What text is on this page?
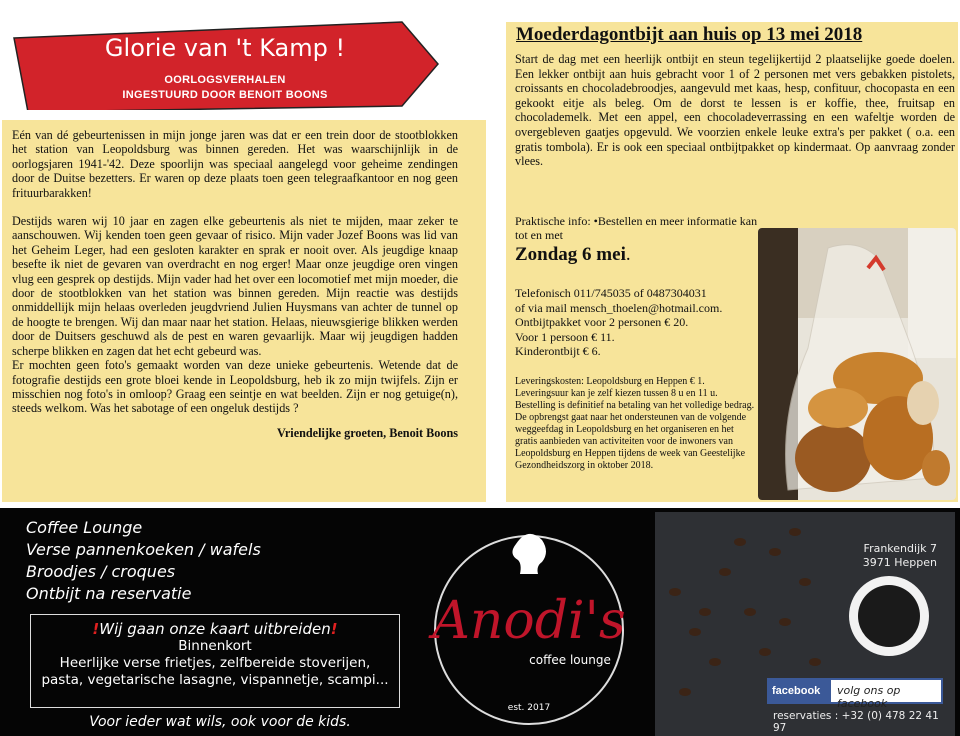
Glorie van 't Kamp !
OORLOGSVERHALEN
INGESTUURD DOOR BENOIT BOONS

Eén van dé gebeurtenissen in mijn jonge jaren was dat er een trein door de stootblokken het station van Leopoldsburg was binnen gereden. Het was waarschijnlijk in de oorlogsjaren 1941-'42. Deze spoorlijn was speciaal aangelegd voor geheime zendingen door de Duitse bezetters. Er waren op deze plaats toen geen telegraafkantoor en nog geen frituurbarakken!

Destijds waren wij 10 jaar en zagen elke gebeurtenis als niet te mijden, maar zeker te aanschouwen. Wij kenden toen geen gevaar of risico. Mijn vader Jozef Boons was lid van het Geheim Leger, had een gesloten karakter en sprak er nooit over. Als jeugdige knaap besefte ik niet de gevaren van overdracht en nog erger! Maar onze jeugdige oren vingen vlug een gesprek op destijds. Mijn vader had het over een locomotief met mijn moeder, die door de stootblokken van het station was binnen gereden. Mijn reactie was destijds onmiddellijk mijn helaas overleden jeugdvriend Julien Huysmans van achter de tunnel op de hoogte te brengen. Wij dan maar naar het station. Helaas, nieuwsgierige blikken werden door de Duitsers geschuwd als de pest en waren gevaarlijk. Maar wij jeugdigen hadden scherpe blikken en zagen dat het echt gebeurd was.

Er mochten geen foto's gemaakt worden van deze unieke gebeurtenis. Wetende dat de fotografie destijds een grote bloei kende in Leopoldsburg, heb ik zo mijn twijfels. Zijn er misschien nog foto's in omloop? Graag een seintje en wat beelden. Zijn er nog getuige(n), steeds welkom. Was het sabotage of een ongeluk destijds ?

Vriendelijke groeten, Benoit Boons
Moederdagontbijt aan huis op 13 mei 2018
Start de dag met een heerlijk ontbijt en steun tegelijkertijd 2 plaatselijke goede doelen. Een lekker ontbijt aan huis gebracht voor 1 of 2 personen met vers gebakken pistolets, croissants en chocoladebroodjes, aangevuld met kaas, hesp, confituur, chocopasta en een gekookt eitje als beleg. Om de dorst te lessen is er koffie, thee, fruitsap en chocolademelk. Met een appel, een chocoladeverrassing en een wafeltje worden de overgebleven gaatjes opgevuld. We voorzien enkele leuke extra's per pakket ( o.a. een gratis tombola). Er is ook een speciaal ontbijtpakket op kindermaat. Op aanvraag zonder vlees.
Praktische info: •Bestellen en meer informatie kan tot en met
Zondag 6 mei.
Telefonisch 011/745035 of 0487304031
of via mail mensch_thoelen@hotmail.com.
Ontbijtpakket voor 2 personen € 20.
Voor 1 persoon € 11.
Kinderontbijt € 6.
Leveringskosten: Leopoldsburg en Heppen € 1.
Leveringsuur kan je zelf kiezen tussen 8 u en 11 u.
Bestelling is definitief na betaling van het volledige bedrag. De opbrengst gaat naar het ondersteunen van de volgende weggeefdag in Leopoldsburg en het organiseren en het gratis aanbieden van activiteiten voor de inwoners van Leopoldsburg en Heppen tijdens de week van Geestelijke Gezondheidszorg in oktober 2018.
Coffee Lounge
Verse pannenkoeken / wafels
Broodjes / croques
Ontbijt na reservatie
!Wij gaan onze kaart uitbreiden!
Binnenkort
Heerlijke verse frietjes, zelfbereide stoverijen,
pasta, vegetarische lasagne, vispannetje, scampi...
Voor ieder wat wils, ook voor de kids.
Anodi's
coffee lounge
est. 2017
Frankendijk 7
3971 Heppen
facebook	volg ons op facebook
reservaties : +32 (0) 478 22 41 97
